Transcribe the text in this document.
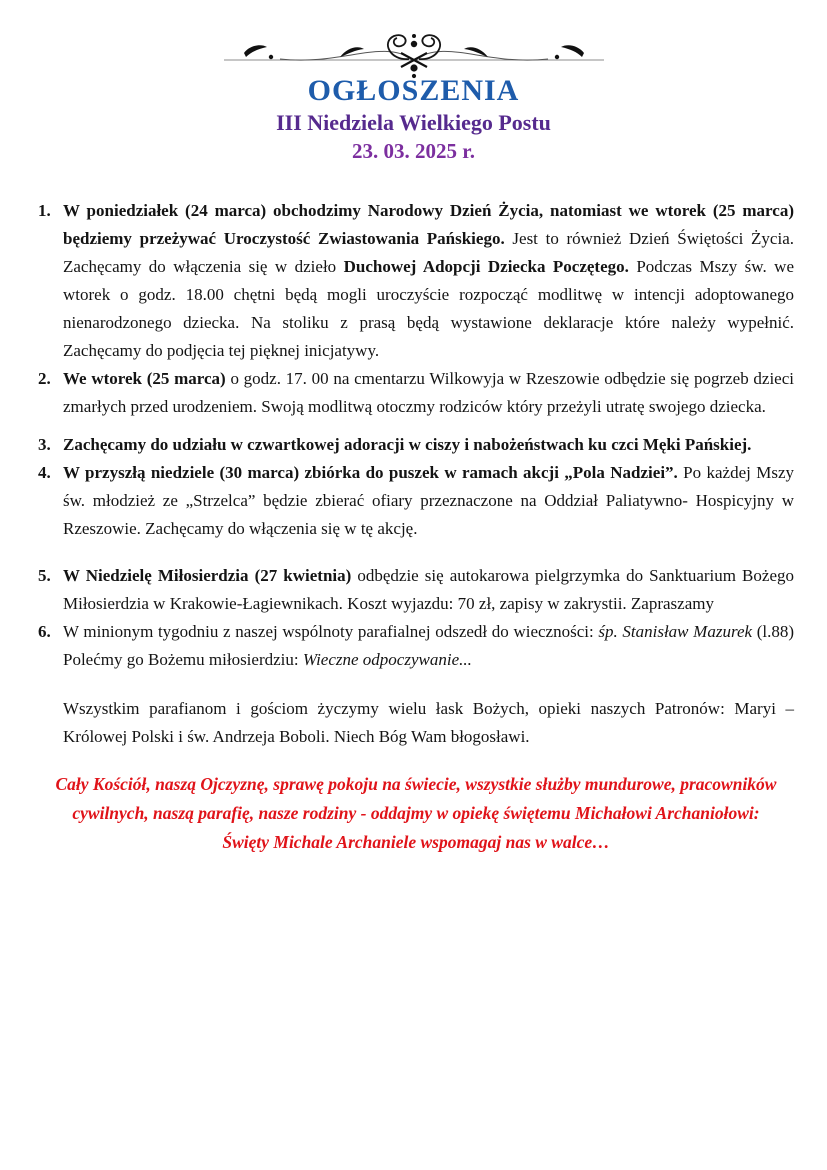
OGŁOSZENIA
III Niedziela Wielkiego Postu
23. 03. 2025 r.
1. W poniedziałek (24 marca) obchodzimy Narodowy Dzień Życia, natomiast we wtorek (25 marca) będziemy przeżywać Uroczystość Zwiastowania Pańskiego. Jest to również Dzień Świętości Życia. Zachęcamy do włączenia się w dzieło Duchowej Adopcji Dziecka Poczętego. Podczas Mszy św. we wtorek o godz. 18.00 chętni będą mogli uroczyście rozpocząć modlitwę w intencji adoptowanego nienarodzonego dziecka. Na stoliku z prasą będą wystawione deklaracje które należy wypełnić. Zachęcamy do podjęcia tej pięknej inicjatywy.

2. We wtorek (25 marca) o godz. 17. 00 na cmentarzu Wilkowyja w Rzeszowie odbędzie się pogrzeb dzieci zmarłych przed urodzeniem. Swoją modlitwą otoczmy rodziców który przeżyli utratę swojego dziecka.

3. Zachęcamy do udziału w czwartkowej adoracji w ciszy i nabożeństwach ku czci Męki Pańskiej.

4. W przyszłą niedziele (30 marca) zbiórka do puszek w ramach akcji „Pola Nadziei”. Po każdej Mszy św. młodzież ze „Strzelca” będzie zbierać ofiary przeznaczone na Oddział Paliatywno- Hospicyjny w Rzeszowie. Zachęcamy do włączenia się w tę akcję.

5. W Niedzielę Miłosierdzia (27 kwietnia) odbędzie się autokarowa pielgrzymka do Sanktuarium Bożego Miłosierdzia w Krakowie-Łagiewnikach. Koszt wyjazdu: 70 zł, zapisy w zakrystii. Zapraszamy

6. W minionym tygodniu z naszej wspólnoty parafialnej odszedł do wieczności: śp. Stanisław Mazurek (l.88) Polećmy go Bożemu miłosierdziu: Wieczne odpoczywanie...

Wszystkim parafianom i gościom życzymy wielu łask Bożych, opieki naszych Patronów: Maryi – Królowej Polski i św. Andrzeja Boboli. Niech Bóg Wam błogosławi.

Cały Kościół, naszą Ojczyznę, sprawę pokoju na świecie, wszystkie służby mundurowe, pracowników cywilnych, naszą parafię, nasze rodziny - oddajmy w opiekę świętemu Michałowi Archaniołowi:

Święty Michale Archaniele wspomagaj nas w walce…
